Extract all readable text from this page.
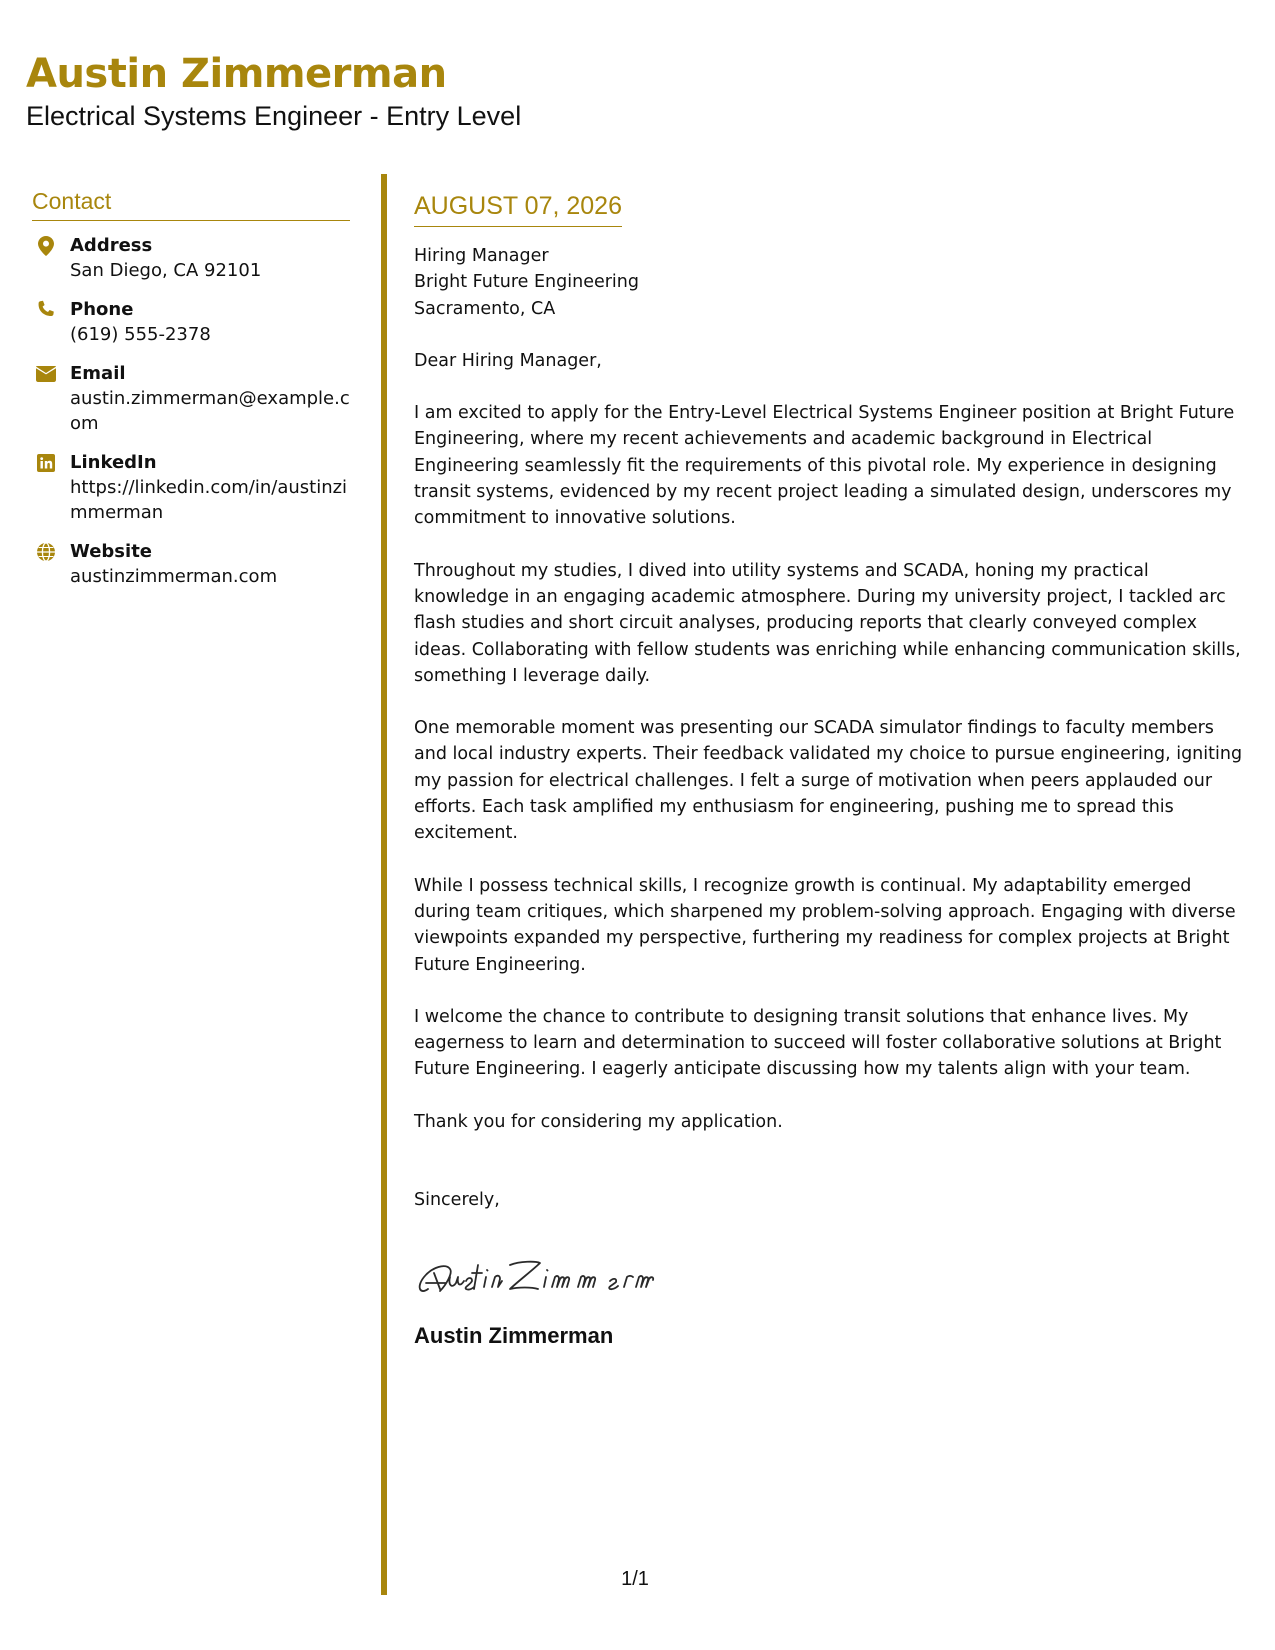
Austin Zimmerman
Electrical Systems Engineer - Entry Level
Contact
Address
San Diego, CA 92101
Phone
(619) 555-2378
Email
austin.zimmerman@example.com
LinkedIn
https://linkedin.com/in/austinzimmerman
Website
austinzimmerman.com
AUGUST 07, 2026

Hiring Manager

Bright Future Engineering

Sacramento, CA

Dear Hiring Manager,

I am excited to apply for the Entry-Level Electrical Systems Engineer position at Bright Future Engineering, where my recent achievements and academic background in Electrical Engineering seamlessly fit the requirements of this pivotal role. My experience in designing transit systems, evidenced by my recent project leading a simulated design, underscores my commitment to innovative solutions.

Throughout my studies, I dived into utility systems and SCADA, honing my practical knowledge in an engaging academic atmosphere. During my university project, I tackled arc flash studies and short circuit analyses, producing reports that clearly conveyed complex ideas. Collaborating with fellow students was enriching while enhancing communication skills, something I leverage daily.

One memorable moment was presenting our SCADA simulator findings to faculty members and local industry experts. Their feedback validated my choice to pursue engineering, igniting my passion for electrical challenges. I felt a surge of motivation when peers applauded our efforts. Each task amplified my enthusiasm for engineering, pushing me to spread this excitement.

While I possess technical skills, I recognize growth is continual. My adaptability emerged during team critiques, which sharpened my problem-solving approach. Engaging with diverse viewpoints expanded my perspective, furthering my readiness for complex projects at Bright Future Engineering.

I welcome the chance to contribute to designing transit solutions that enhance lives. My eagerness to learn and determination to succeed will foster collaborative solutions at Bright Future Engineering. I eagerly anticipate discussing how my talents align with your team.

Thank you for considering my application.

Sincerely,

Austin Zimmerman
1/1
